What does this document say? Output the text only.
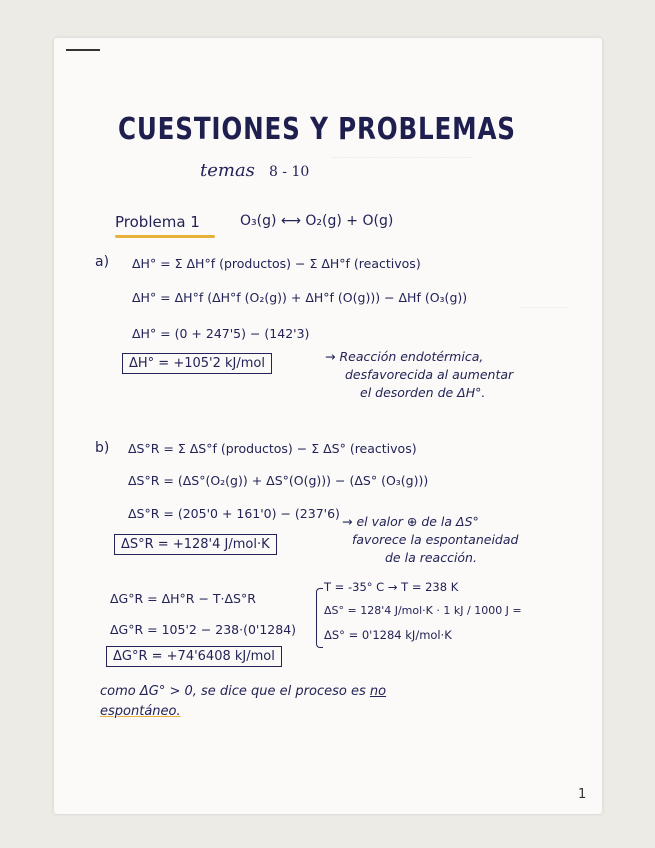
————————————
————
CUESTIONES Y PROBLEMAS
temas 8 - 10
Problema 1	O₃(g) ⟷ O₂(g) + O(g)
a) ΔH° = Σ ΔH°f (productos) − Σ ΔH°f (reactivos)
ΔH° = ΔH°f (ΔH°f (O₂(g)) + ΔH°f (O(g))) − ΔHf (O₃(g))
ΔH° = (0 + 247'5) − (142'3)
ΔH° = +105'2 kJ/mol	→ Reacción endotérmica,
desfavorecida al aumentar
el desorden de ΔH°.
b) ΔS°R = Σ ΔS°f (productos) − Σ ΔS° (reactivos)
ΔS°R = (ΔS°(O₂(g)) + ΔS°(O(g))) − (ΔS° (O₃(g)))
ΔS°R = (205'0 + 161'0) − (237'6)
ΔS°R = +128'4 J/mol·K
→ el valor ⊕ de la ΔS°
favorece la espontaneidad
de la reacción.
ΔG°R = ΔH°R − T·ΔS°R
ΔG°R = 105'2 − 238·(0'1284)
T = -35° C → T = 238 K
ΔS° = 128'4 J/mol·K · 1 kJ / 1000 J =
ΔS° = 0'1284 kJ/mol·K
ΔG°R = +74'6408 kJ/mol
como ΔG° > 0, se dice que el proceso es no
espontáneo.
1
